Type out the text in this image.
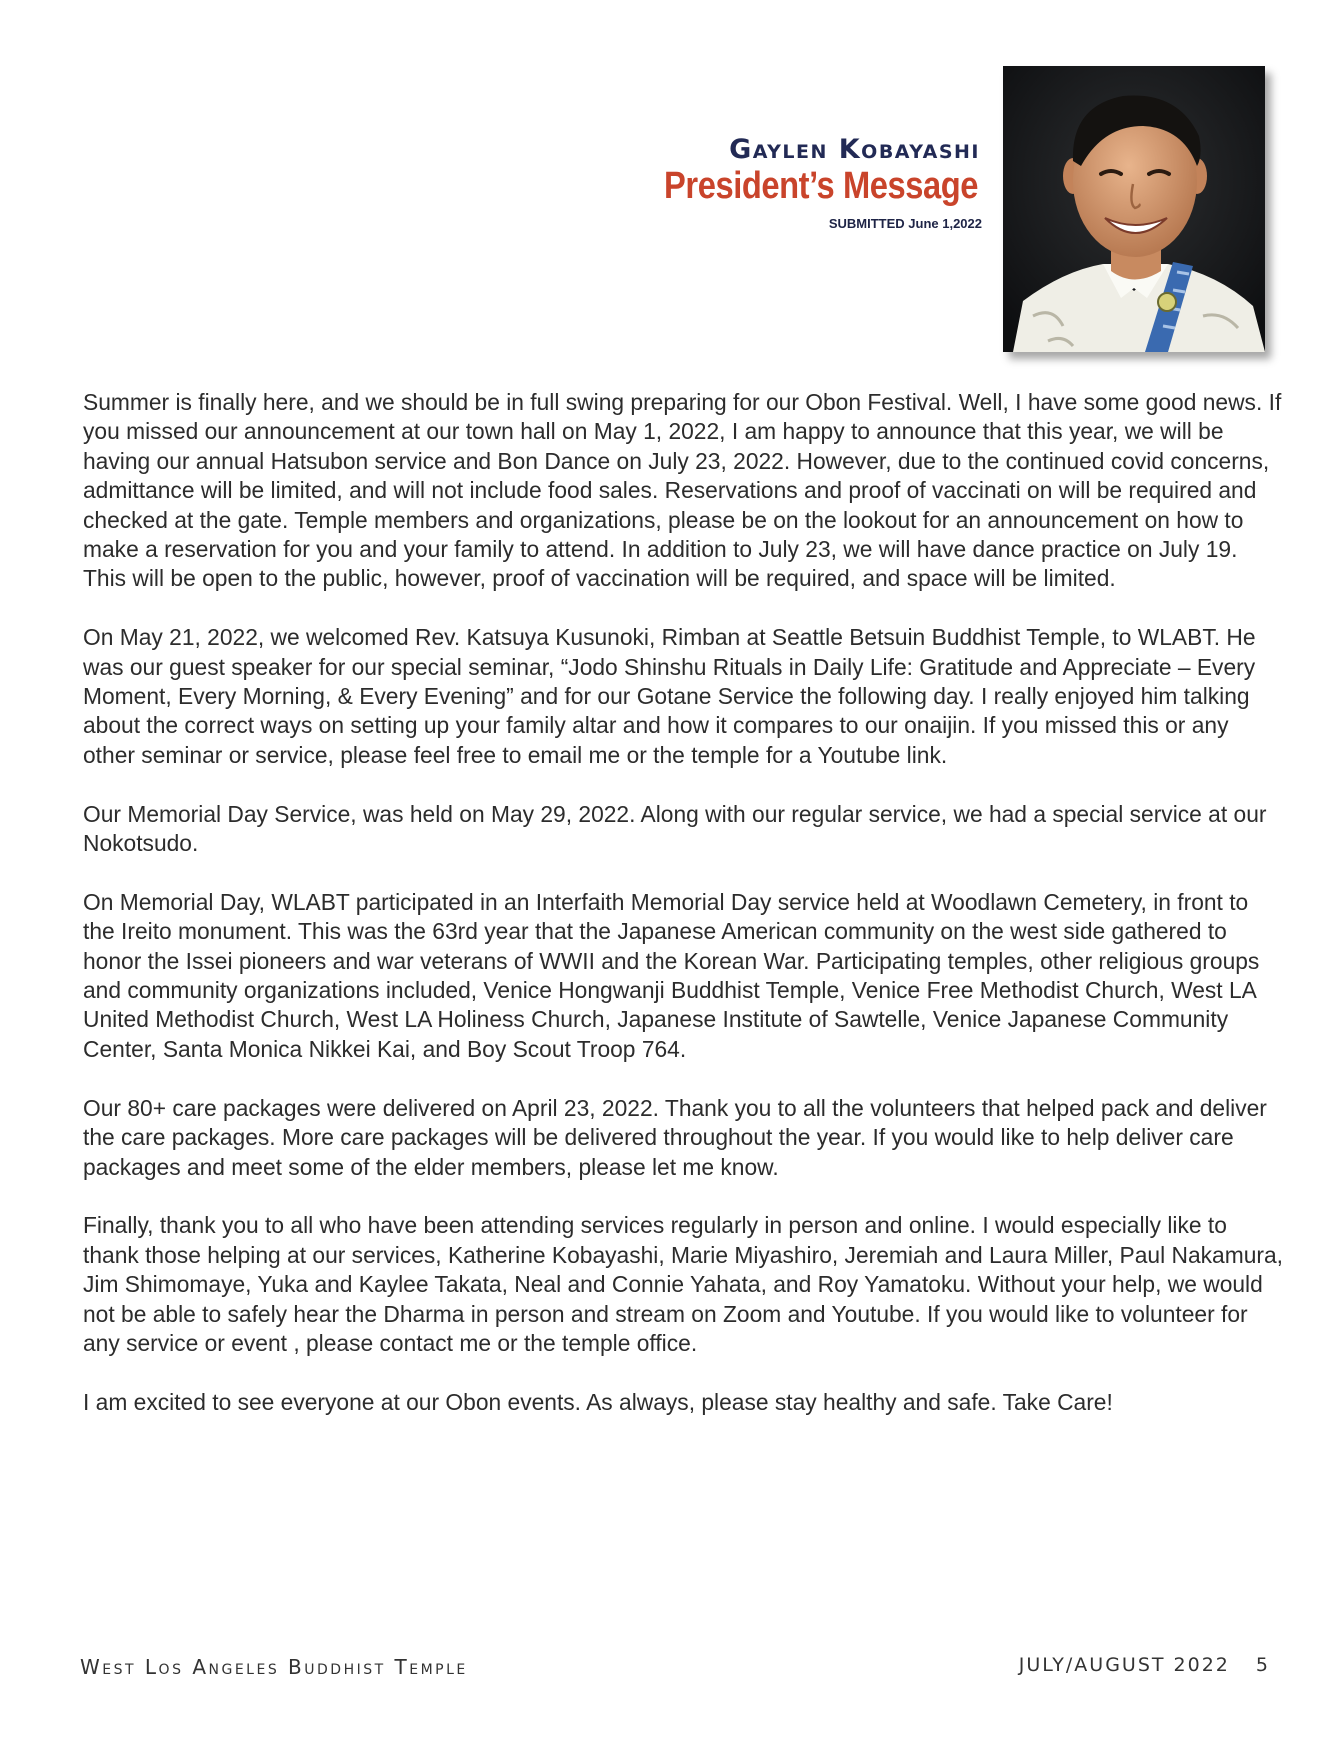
Gaylen Kobayashi
President’s Message
SUBMITTED June 1,2022

Summer is finally here, and we should be in full swing preparing for our Obon Festival. Well, I have some good news. If you missed our announcement at our town hall on May 1, 2022, I am happy to announce that this year, we will be having our annual Hatsubon service and Bon Dance on July 23, 2022. However, due to the continued covid concerns, admittance will be limited, and will not include food sales. Reservations and proof of vaccinati on will be required and checked at the gate. Temple members and organizations, please be on the lookout for an announcement on how to make a reservation for you and your family to attend. In addition to July 23, we will have dance practice on July 19. This will be open to the public, however, proof of vaccination will be required, and space will be limited.

On May 21, 2022, we welcomed Rev. Katsuya Kusunoki, Rimban at Seattle Betsuin Buddhist Temple, to WLABT. He was our guest speaker for our special seminar, “Jodo Shinshu Rituals in Daily Life: Gratitude and Appreciate – Every Moment, Every Morning, & Every Evening” and for our Gotane Service the following day. I really enjoyed him talking about the correct ways on setting up your family altar and how it compares to our onaijin. If you missed this or any other seminar or service, please feel free to email me or the temple for a Youtube link.

Our Memorial Day Service, was held on May 29, 2022. Along with our regular service, we had a special service at our Nokotsudo.

On Memorial Day, WLABT participated in an Interfaith Memorial Day service held at Woodlawn Cemetery, in front to the Ireito monument. This was the 63rd year that the Japanese American community on the west side gathered to honor the Issei pioneers and war veterans of WWII and the Korean War. Participating temples, other religious groups and community organizations included, Venice Hongwanji Buddhist Temple, Venice Free Methodist Church, West LA United Methodist Church, West LA Holiness Church, Japanese Institute of Sawtelle, Venice Japanese Community Center, Santa Monica Nikkei Kai, and Boy Scout Troop 764.

Our 80+ care packages were delivered on April 23, 2022. Thank you to all the volunteers that helped pack and deliver the care packages. More care packages will be delivered throughout the year. If you would like to help deliver care packages and meet some of the elder members, please let me know.

Finally, thank you to all who have been attending services regularly in person and online. I would especially like to thank those helping at our services, Katherine Kobayashi, Marie Miyashiro, Jeremiah and Laura Miller, Paul Nakamura, Jim Shimomaye, Yuka and Kaylee Takata, Neal and Connie Yahata, and Roy Yamatoku. Without your help, we would not be able to safely hear the Dharma in person and stream on Zoom and Youtube. If you would like to volunteer for any service or event , please contact me or the temple office.

I am excited to see everyone at our Obon events. As always, please stay healthy and safe. Take Care!

West Los Angeles Buddhist Temple	JULY/AUGUST 2022 5
